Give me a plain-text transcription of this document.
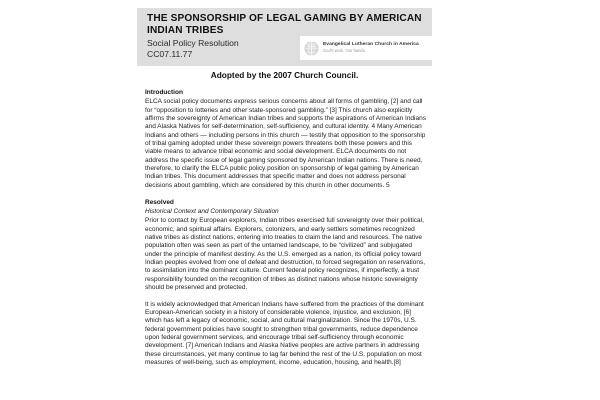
THE SPONSORSHIP OF LEGAL GAMING BY AMERICAN INDIAN TRIBES
Social Policy Resolution
CC07.11.77
Evangelical Lutheran Church in America
God's work. Our hands.
Adopted by the 2007 Church Council.
Introduction

ELCA social policy documents express serious concerns about all forms of gambling, [2] and call for “opposition to lotteries and other state-sponsored gambling.” [3] This church also explicitly affirms the sovereignty of American Indian tribes and supports the aspirations of American Indians and Alaska Natives for self-determination, self-sufficiency, and cultural identity. 4 Many American Indians and others — including persons in this church — testify that opposition to the sponsorship of tribal gaming adopted under these sovereign powers threatens both these powers and this viable means to advance tribal economic and social development. ELCA documents do not address the specific issue of legal gaming sponsored by American Indian nations. There is need, therefore, to clarify the ELCA public policy position on sponsorship of legal gaming by American Indian tribes. This document addresses that specific matter and does not address personal decisions about gambling, which are considered by this church in other documents. 5

Resolved
Historical Context and Contemporary Situation

Prior to contact by European explorers, Indian tribes exercised full sovereignty over their political, economic, and spiritual affairs. Explorers, colonizers, and early settlers sometimes recognized native tribes as distinct nations, entering into treaties to claim the land and resources. The native population often was seen as part of the untamed landscape, to be “civilized” and subjugated under the principle of manifest destiny. As the U.S. emerged as a nation, its official policy toward Indian peoples evolved from one of defeat and destruction, to forced segregation on reservations, to assimilation into the dominant culture. Current federal policy recognizes, if imperfectly, a trust responsibility founded on the recognition of tribes as distinct nations whose historic sovereignty should be preserved and protected.

It is widely acknowledged that American Indians have suffered from the practices of the dominant European-American society in a history of considerable violence, injustice, and exclusion, [6] which has left a legacy of economic, social, and cultural marginalization. Since the 1970s, U.S. federal government policies have sought to strengthen tribal governments, reduce dependence upon federal government services, and encourage tribal self-sufficiency through economic development. [7] American Indians and Alaska Native peoples are active partners in addressing these circumstances, yet many continue to lag far behind the rest of the U.S. population on most measures of well-being, such as employment, income, education, housing, and health.[8]
